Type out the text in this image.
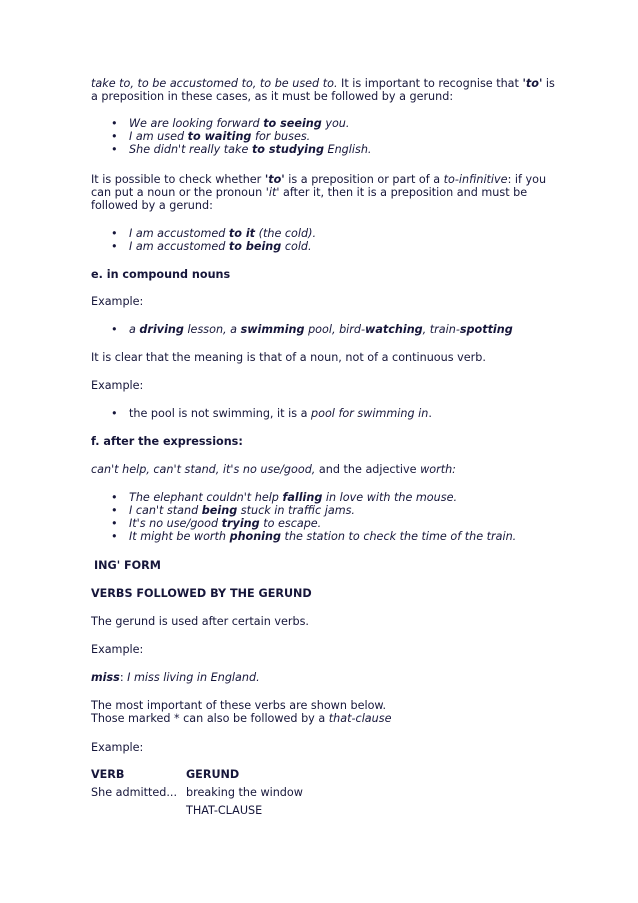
take to, to be accustomed to, to be used to. It is important to recognise that 'to' is
a preposition in these cases, as it must be followed by a gerund:

• We are looking forward to seeing you.
• I am used to waiting for buses.
• She didn't really take to studying English.

It is possible to check whether 'to' is a preposition or part of a to-infinitive: if you
can put a noun or the pronoun 'it' after it, then it is a preposition and must be
followed by a gerund:

• I am accustomed to it (the cold).
• I am accustomed to being cold.

e. in compound nouns

Example:

• a driving lesson, a swimming pool, bird-watching, train-spotting

It is clear that the meaning is that of a noun, not of a continuous verb.

Example:

• the pool is not swimming, it is a pool for swimming in.

f. after the expressions:

can't help, can't stand, it's no use/good, and the adjective worth:

• The elephant couldn't help falling in love with the mouse.
• I can't stand being stuck in traffic jams.
• It's no use/good trying to escape.
• It might be worth phoning the station to check the time of the train.

ING' FORM

VERBS FOLLOWED BY THE GERUND

The gerund is used after certain verbs.

Example:

miss: I miss living in England.

The most important of these verbs are shown below.
Those marked * can also be followed by a that-clause

Example:

VERB	GERUND
She admitted...	breaking the window
	THAT-CLAUSE
